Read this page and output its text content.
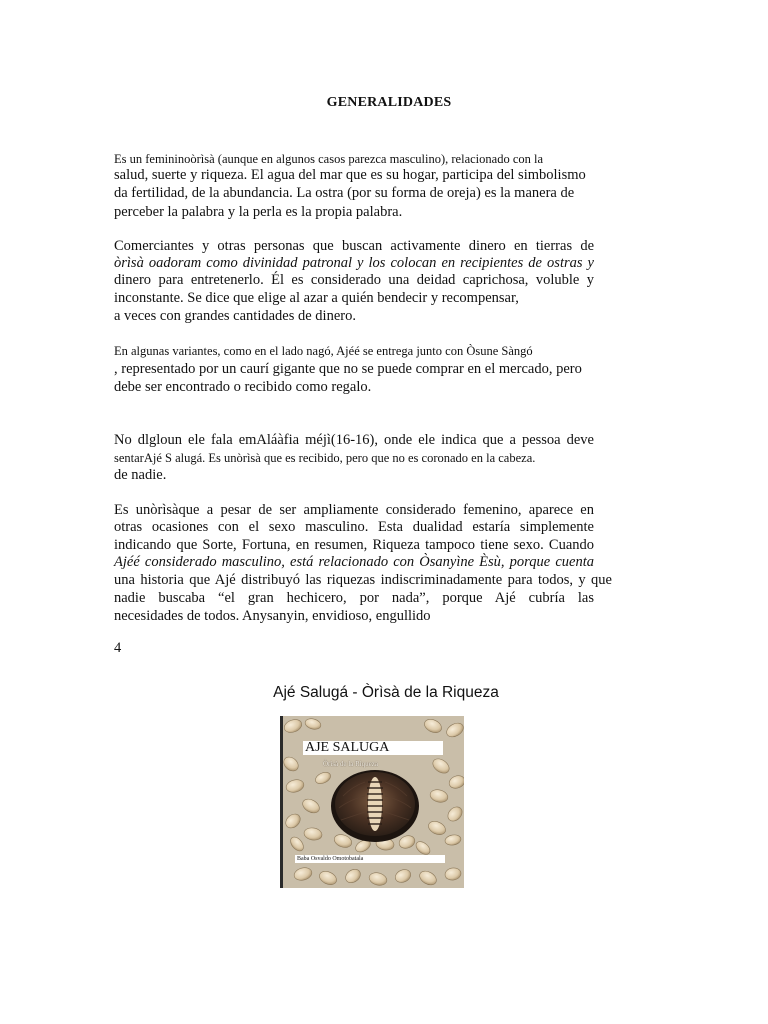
GENERALIDADES
Es un femininoòrìsà (aunque en algunos casos parezca masculino), relacionado con la
salud, suerte y riqueza. El agua del mar que es su hogar, participa del simbolismo
da fertilidad, de la abundancia. La ostra (por su forma de oreja) es la manera de
perceber la palabra y la perla es la propia palabra.
Comerciantes y otras personas que buscan activamente dinero en tierras de
òrìsà oadoram como divinidad patronal y los colocan en recipientes de ostras y
dinero para entretenerlo. Él es considerado una deidad caprichosa, voluble y
inconstante. Se dice que elige al azar a quién bendecir y recompensar,
a veces con grandes cantidades de dinero.
En algunas variantes, como en el lado nagó, Ajéé se entrega junto con Òsune Sàngó
, representado por un caurí gigante que no se puede comprar en el mercado, pero
debe ser encontrado o recibido como regalo.
No dlgloun ele fala emAláàfia méjì(16-16), onde ele indica que a pessoa deve
sentarAjé S alugá. Es unòrìsà que es recibido, pero que no es coronado en la cabeza.
de nadie.
Es unòrìsàque a pesar de ser ampliamente considerado femenino, aparece en
otras ocasiones con el sexo masculino. Esta dualidad estaría simplemente
indicando que Sorte, Fortuna, en resumen, Riqueza tampoco tiene sexo. Cuando
Ajéé considerado masculino, está relacionado con Òsanyìne Èsù, porque cuenta
una historia que Ajé distribuyó las riquezas indiscriminadamente para todos, y que
nadie buscaba “el gran hechicero, por nada”, porque Ajé cubría las
necesidades de todos. Anysanyin, envidioso, engullido
4
Ajé Salugá - Òrìsà de la Riqueza
AJE SALUGA
Òrìsà de la Riqueza
Baba Osvaldo Omotobatala
